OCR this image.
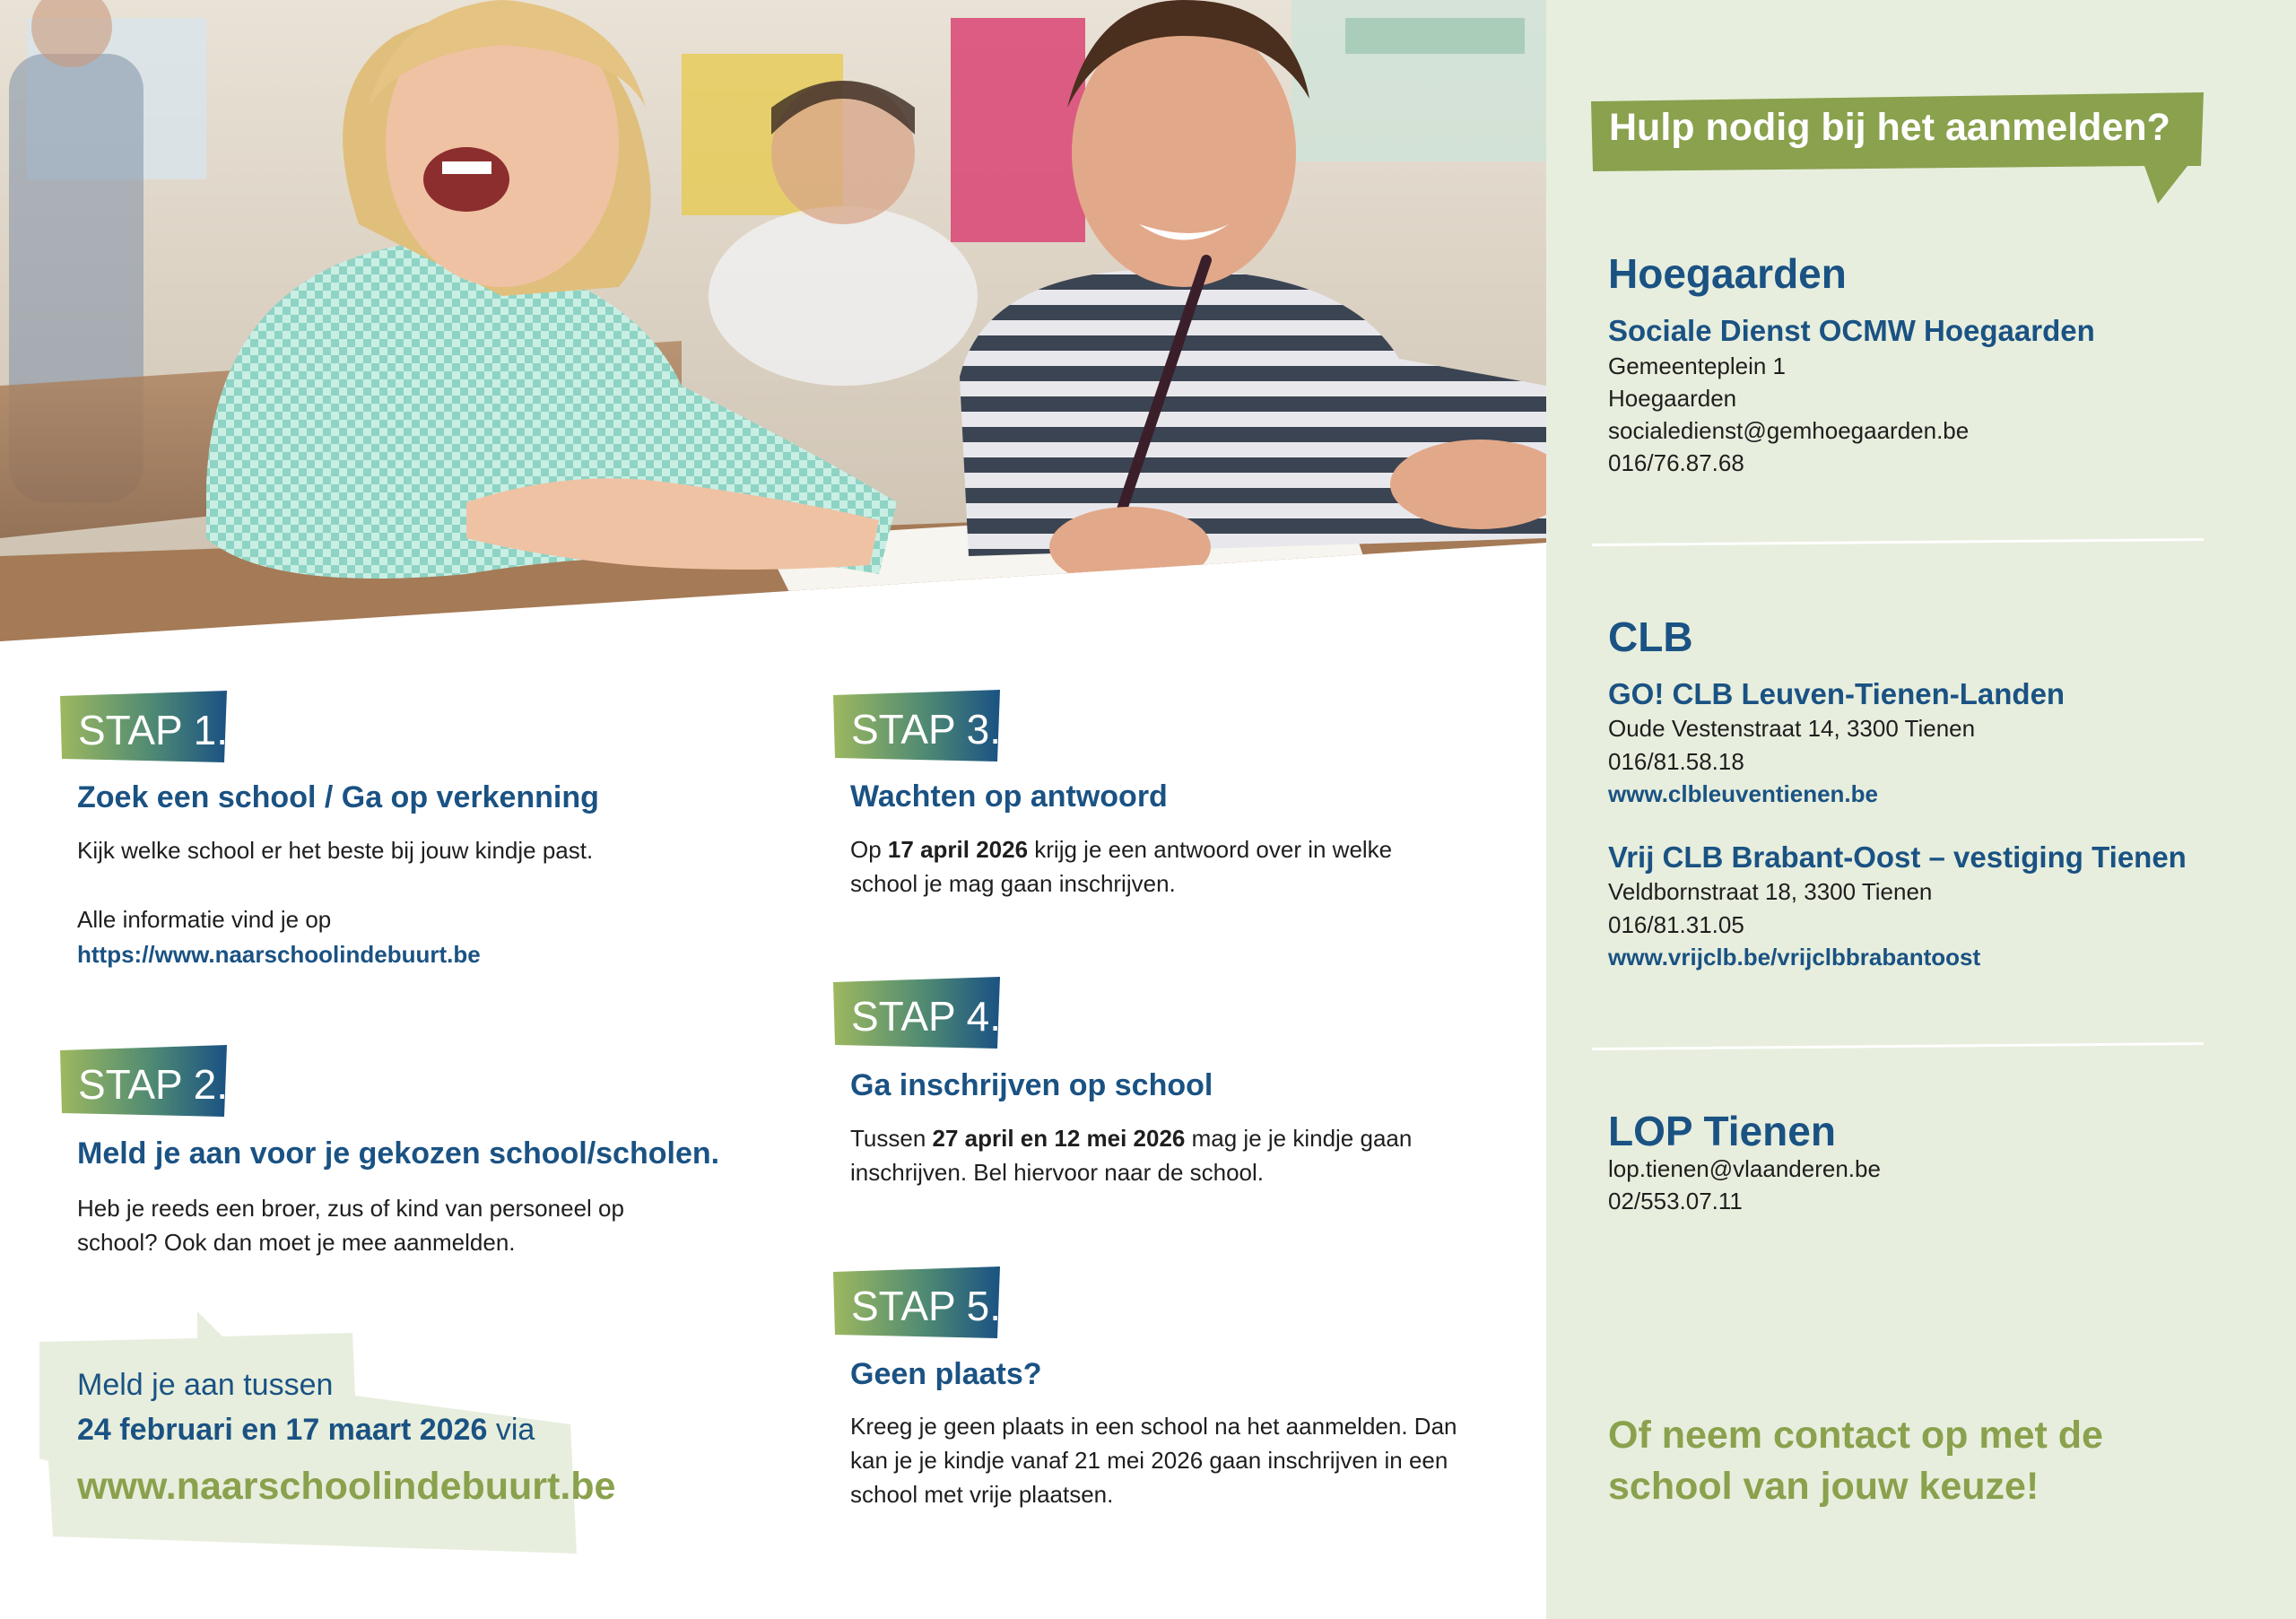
Hulp nodig bij het aanmelden?
Hoegaarden
Sociale Dienst OCMW Hoegaarden
Gemeenteplein 1
Hoegaarden
socialedienst@gemhoegaarden.be
016/76.87.68
CLB
GO! CLB Leuven-Tienen-Landen
Oude Vestenstraat 14, 3300 Tienen
016/81.58.18
www.clbleuventienen.be
Vrij CLB Brabant-Oost – vestiging Tienen
Veldbornstraat 18, 3300 Tienen
016/81.31.05
www.vrijclb.be/vrijclbbrabantoost
LOP Tienen
lop.tienen@vlaanderen.be
02/553.07.11
Of neem contact op met de
school van jouw keuze!
STAP 1.
Zoek een school / Ga op verkenning
Kijk welke school er het beste bij jouw kindje past.
Alle informatie vind je op
https://www.naarschoolindebuurt.be
STAP 2.
Meld je aan voor je gekozen school/scholen.
Heb je reeds een broer, zus of kind van personeel op
school? Ook dan moet je mee aanmelden.
STAP 3.
Wachten op antwoord
Op 17 april 2026 krijg je een antwoord over in welke
school je mag gaan inschrijven.
STAP 4.
Ga inschrijven op school
Tussen 27 april en 12 mei 2026 mag je je kindje gaan
inschrijven. Bel hiervoor naar de school.
STAP 5.
Geen plaats?
Kreeg je geen plaats in een school na het aanmelden. Dan
kan je je kindje vanaf 21 mei 2026 gaan inschrijven in een
school met vrije plaatsen.
Meld je aan tussen
24 februari en 17 maart 2026 via
www.naarschoolindebuurt.be
